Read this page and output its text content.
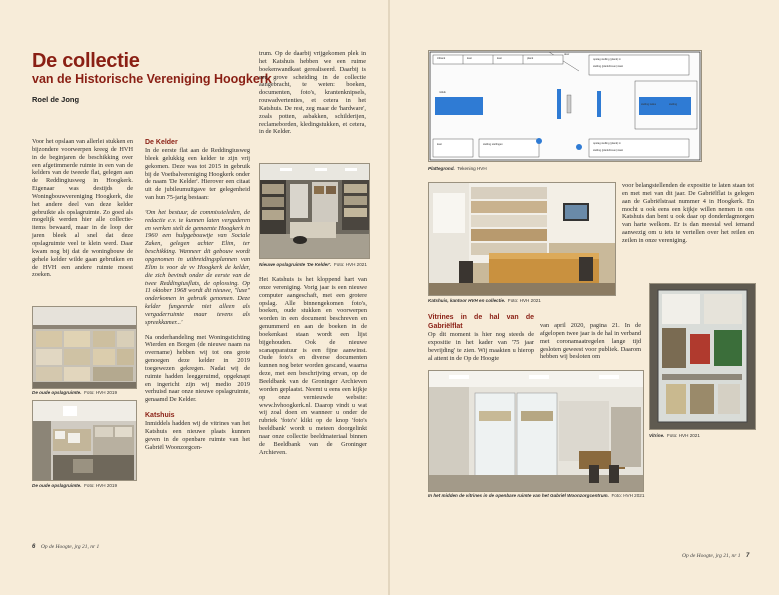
De collectie
van de Historische Vereniging Hoogkerk
Roel de Jong

Voor het opslaan van allerlei stukken en bijzondere voorwerpen kreeg de HVH in de beginjaren de beschikking over een afgetimmerde ruimte in een van de kelders van de tweede flat, gelegen aan de Reddingiusweg in Hoogkerk. Eigenaar was destijds de Woningbouwvereniging Hoogkerk, die het andere deel van deze kelder gebruikte als opslagruimte. Zo goed als mogelijk werden hier alle collectie-items bewaard, maar in de loop der jaren bleek al snel dat deze opslagruimte veel te klein werd. Daar kwam nog bij dat de woningbouw de gehele kelder wilde gaan gebruiken en de HVH een andere ruimte moest zoeken.

De oude opslagruimte. Foto: HVH 2019
De oude opslagruimte. Foto: HVH 2019
De Kelder

In de eerste flat aan de Reddingiusweg bleek gelukkig een kelder te zijn vrij gekomen. Deze was tot 2015 in gebruik bij de Voetbalvereniging Hoogkerk onder de naam 'De Kelder'. Hierover een citaat uit de jubileumuitgave ter gelegenheid van hun 75-jarig bestaan:

'Om het bestuur, de commissieleden, de redactie e.v. te kunnen laten vergaderen en werken stelt de gemeente Hoogkerk in 1960 een hulpgebouwtje van Sociale Zaken, gelegen achter Elim, ter beschikking. Wanneer dit gebouw wordt opgenomen in uitbreidingsplannen van Elim is voor de vv Hoogkerk de kelder, die zich bevindt onder de eerste van de twee Reddingiusflats, de oplossing. Op 11 oktober 1968 wordt dit nieuwe, "luxe" onderkomen in gebruik genomen. Deze kelder fungeerde niet alleen als vergaderruimte maar tevens als spreekkamer...'

Na onderhandeling met Woningstichting Wierden en Borgen (de nieuwe naam na overname) hebben wij tot ons grote genoegen deze kelder in 2019 toegewezen gekregen. Nadat wij de ruimte hadden leeggeruimd, opgeknapt en ingericht zijn wij medio 2019 verhuisd naar onze nieuwe opslagruimte, genaamd De Kelder.

Katshuis

Inmiddels hadden wij de vitrines van het Katshuis een nieuwe plaats kunnen geven in de openbare ruimte van het Gabriël Woonzorgcen-

trum. Op de daarbij vrijgekomen plek in het Katshuis hebben we een ruime boekenwandkast gerealiseerd. Daarbij is een grove scheiding in de collectie aangebracht, te weten: boeken, documenten, foto's, krantenknipsels, rouwadvertenties, et cetera in het Katshuis. De rest, zeg maar de 'hardware', zoals potten, asbakken, schilderijen, reclameborden, kledingstukken, et cetera, in de Kelder.

Nieuwe opslagruimte 'De Kelder'. Foto: HVH 2021

Het Katshuis is het kloppend hart van onze vereniging. Vorig jaar is een nieuwe computer aangeschaft, met een grotere opslag. Alle binnengekomen foto's, boeken, oude stukken en voorwerpen worden in een document beschreven en genummerd en aan de boeken in de boekenkast staan wordt een lijst bijgehouden. Ook de nieuwe scanapparatuur is een fijne aanwinst. Oude foto's en diverse documenten kunnen nog beter worden gescand, waarna deze, met een beschrijving ervan, op de Beeldbank van de Groninger Archieven worden geplaatst. Neemt u eens een kijkje op onze vernieuwde website: www.hvhoogkerk.nl. Daarop vindt u wat wij zoal doen en wanneer u onder de rubriek 'foto's' klikt op de knop 'foto's beeldbank' wordt u meteen doorgelinkt naar onze collectie beeldmateriaal binnen de Beeldbank van de Groninger Archieven.

6 Op de Hoogte, jrg 21, nr 1
zitbank	kast	kast	plank
deur
opslag stelling (plank) in
stelling (plank/boven) kast
rolluik
stelling lades	stelling
kast	stelling stellingen	opslag stelling (plank) in
stelling (plank/boven) kast
Plattegrond. Tekening HVH
Katshuis, kantoor HVH en collectie. Foto: HVH 2021

voor belangstellenden de expositie te laten staan tot en met mei van dit jaar. De Gabriëlflat is gelegen aan de Gabriëlstraat nummer 4 in Hoogkerk. En mocht u ook eens een kijkje willen nemen in ons Katshuis dan bent u ook daar op donderdagmorgen van harte welkom. Er is dan meestal wel iemand aanwezig om u iets te vertellen over het reilen en zeilen in onze vereniging.

Vitrines in de hal van de Gabriëlflat

Op dit moment is hier nog steeds de expositie in het kader van '75 jaar bevrijding' te zien. Wij maakten u hierop al attent in de Op de Hoogte

van april 2020, pagina 21. In de afgelopen twee jaar is de hal in verband met coronamaatregelen lange tijd gesloten geweest voor publiek. Daarom hebben wij besloten om

In het midden de vitrines in de openbare ruimte van het Gabriël Woonzorgcentrum. Foto: HVH 2021
Vitrine. Foto: HVH 2021
Op de Hoogte, jrg 21, nr 1 7
